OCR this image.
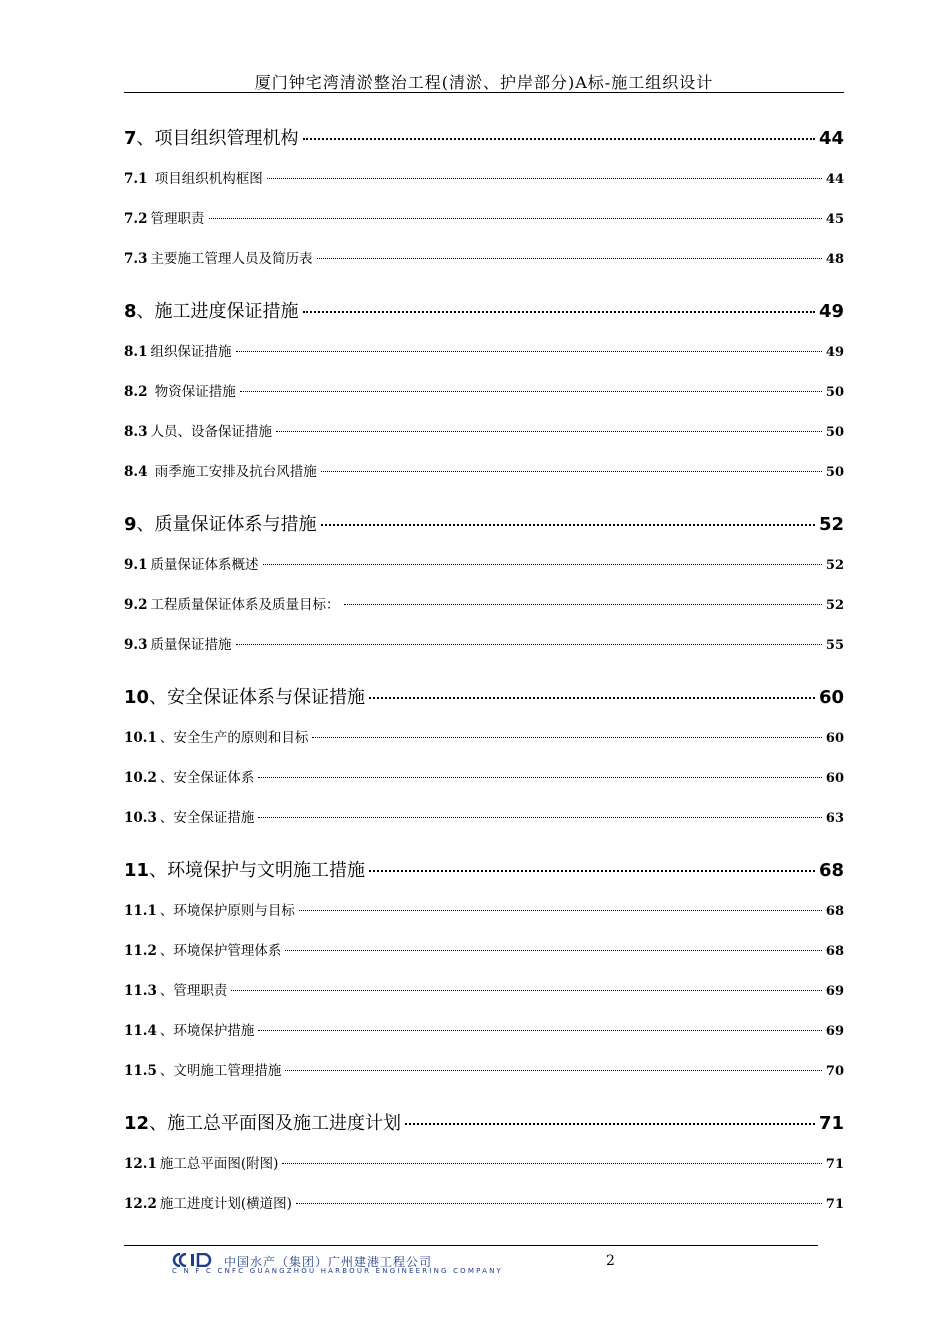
厦门钟宅湾清淤整治工程(清淤、护岸部分)A标-施工组织设计
7、项目组织管理机构	44
7.1 项目组织机构框图	44
7.2 管理职责	45
7.3 主要施工管理人员及简历表	48
8、施工进度保证措施	49
8.1 组织保证措施	49
8.2 物资保证措施	50
8.3 人员、设备保证措施	50
8.4 雨季施工安排及抗台风措施	50
9、质量保证体系与措施	52
9.1 质量保证体系概述	52
9.2 工程质量保证体系及质量目标：	52
9.3 质量保证措施	55
10、安全保证体系与保证措施	60
10.1 、安全生产的原则和目标	60
10.2 、安全保证体系	60
10.3 、安全保证措施	63
11、环境保护与文明施工措施	68
11.1 、环境保护原则与目标	68
11.2 、环境保护管理体系	68
11.3 、管理职责	69
11.4 、环境保护措施	69
11.5 、文明施工管理措施	70
12、施工总平面图及施工进度计划	71
12.1 施工总平面图(附图)	71
12.2 施工进度计划(横道图)	71
中国水产（集团）广州建港工程公司
C N F C CNFC GUANGZHOU HARBOUR ENGINEERING COMPANY
2
